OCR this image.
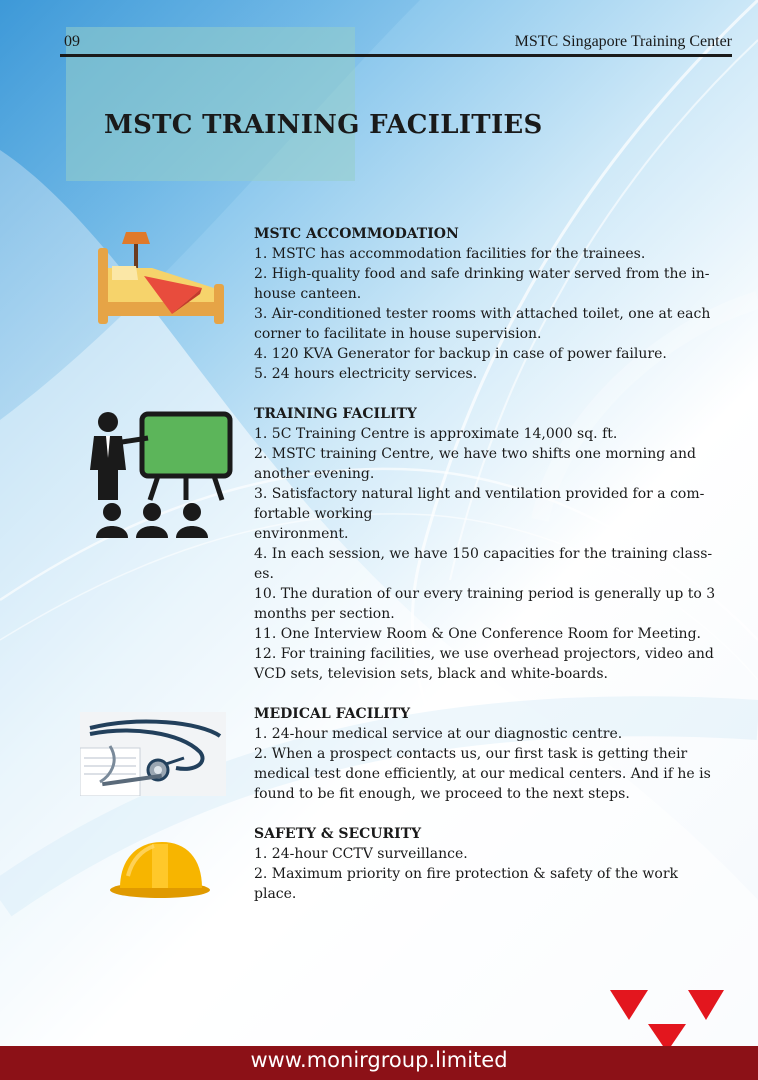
09	MSTC Singapore Training Center
MSTC TRAINING FACILITIES
MSTC ACCOMMODATION

1. MSTC has accommodation facilities for the trainees.

2. High-quality food and safe drinking water served from the in-house canteen.

3. Air-conditioned tester rooms with attached toilet, one at each corner to facilitate in house supervision.

4. 120 KVA Generator for backup in case of power failure.

5. 24 hours electricity services.

TRAINING FACILITY

1. 5C Training Centre is approximate 14,000 sq. ft.

2. MSTC training Centre, we have two shifts one morning and another evening.

3. Satisfactory natural light and ventilation provided for a com-fortable working

environment.

4. In each session, we have 150 capacities for the training class-es.

10. The duration of our every training period is generally up to 3 months per section.

11. One Interview Room & One Conference Room for Meeting.

12. For training facilities, we use overhead projectors, video and VCD sets, television sets, black and white-boards.

MEDICAL FACILITY

1. 24-hour medical service at our diagnostic centre.

2. When a prospect contacts us, our first task is getting their medical test done efficiently, at our medical centers. And if he is found to be fit enough, we proceed to the next steps.

SAFETY & SECURITY

1. 24-hour CCTV surveillance.

2. Maximum priority on fire protection & safety of the work place.

www.monirgroup.limited
